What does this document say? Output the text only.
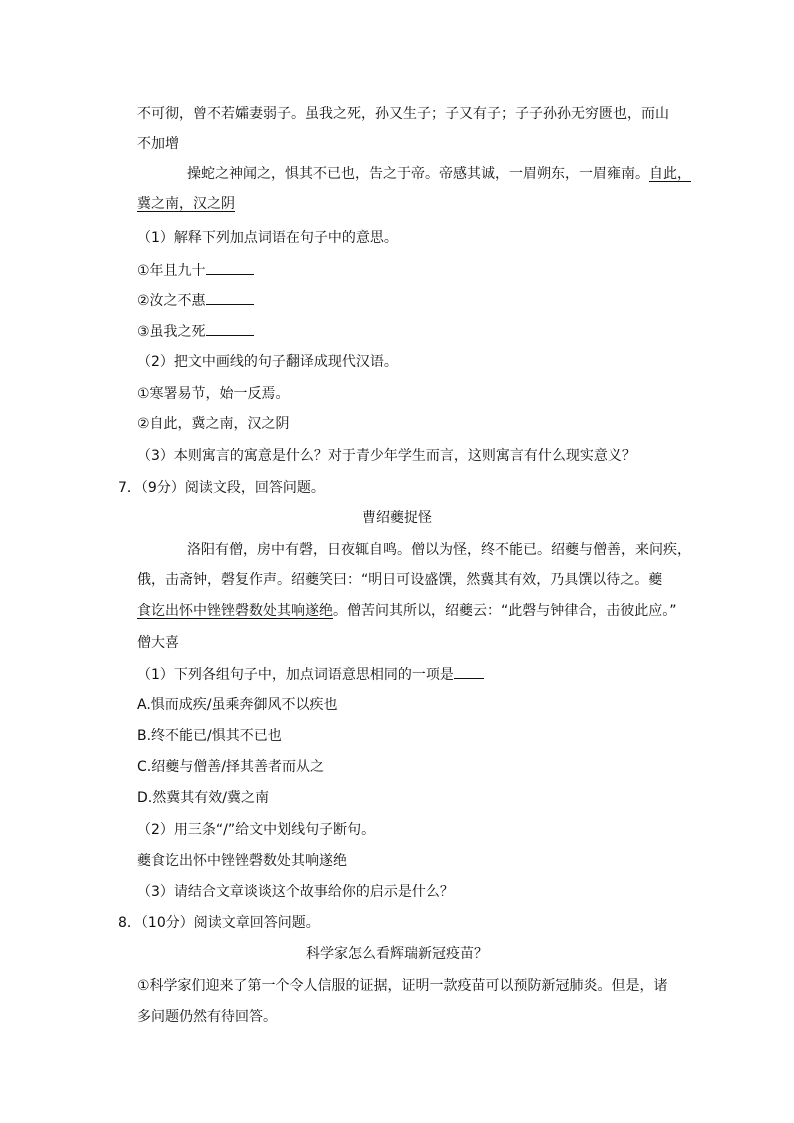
不可彻，曾不若孀妻弱子。虽我之死，孙又生子；子又有子；子子孙孙无穷匮也，而山
不加增
操蛇之神闻之，惧其不已也，告之于帝。帝感其诚，一眉朔东，一眉雍南。自此，
冀之南，汉之阴
（1）解释下列加点词语在句子中的意思。
①年且九十
②汝之不惠
③虽我之死
（2）把文中画线的句子翻译成现代汉语。
①寒署易节，始一反焉。
②自此，冀之南，汉之阴
（3）本则寓言的寓意是什么？对于青少年学生而言，这则寓言有什么现实意义？
7．（9分）阅读文段，回答问题。
曹绍夔捉怪
洛阳有僧，房中有磬，日夜辄自鸣。僧以为怪，终不能已。绍夔与僧善，来问疾，
俄，击斋钟，磬复作声。绍夔笑曰：“明日可设盛馔，然冀其有效，乃具馔以待之。夔
食讫出怀中锉锉磬数处其响遂绝。僧苦问其所以，绍夔云：“此磬与钟律合，击彼此应。”
僧大喜
（1）下列各组句子中，加点词语意思相同的一项是
A.惧而成疾/虽乘奔御风不以疾也
B.终不能已/惧其不已也
C.绍夔与僧善/择其善者而从之
D.然冀其有效/冀之南
（2）用三条“/”给文中划线句子断句。
夔食讫出怀中锉锉磬数处其响遂绝
（3）请结合文章谈谈这个故事给你的启示是什么？
8．（10分）阅读文章回答问题。
科学家怎么看辉瑞新冠疫苗？
①科学家们迎来了第一个令人信服的证据，证明一款疫苗可以预防新冠肺炎。但是，诸
多问题仍然有待回答。
